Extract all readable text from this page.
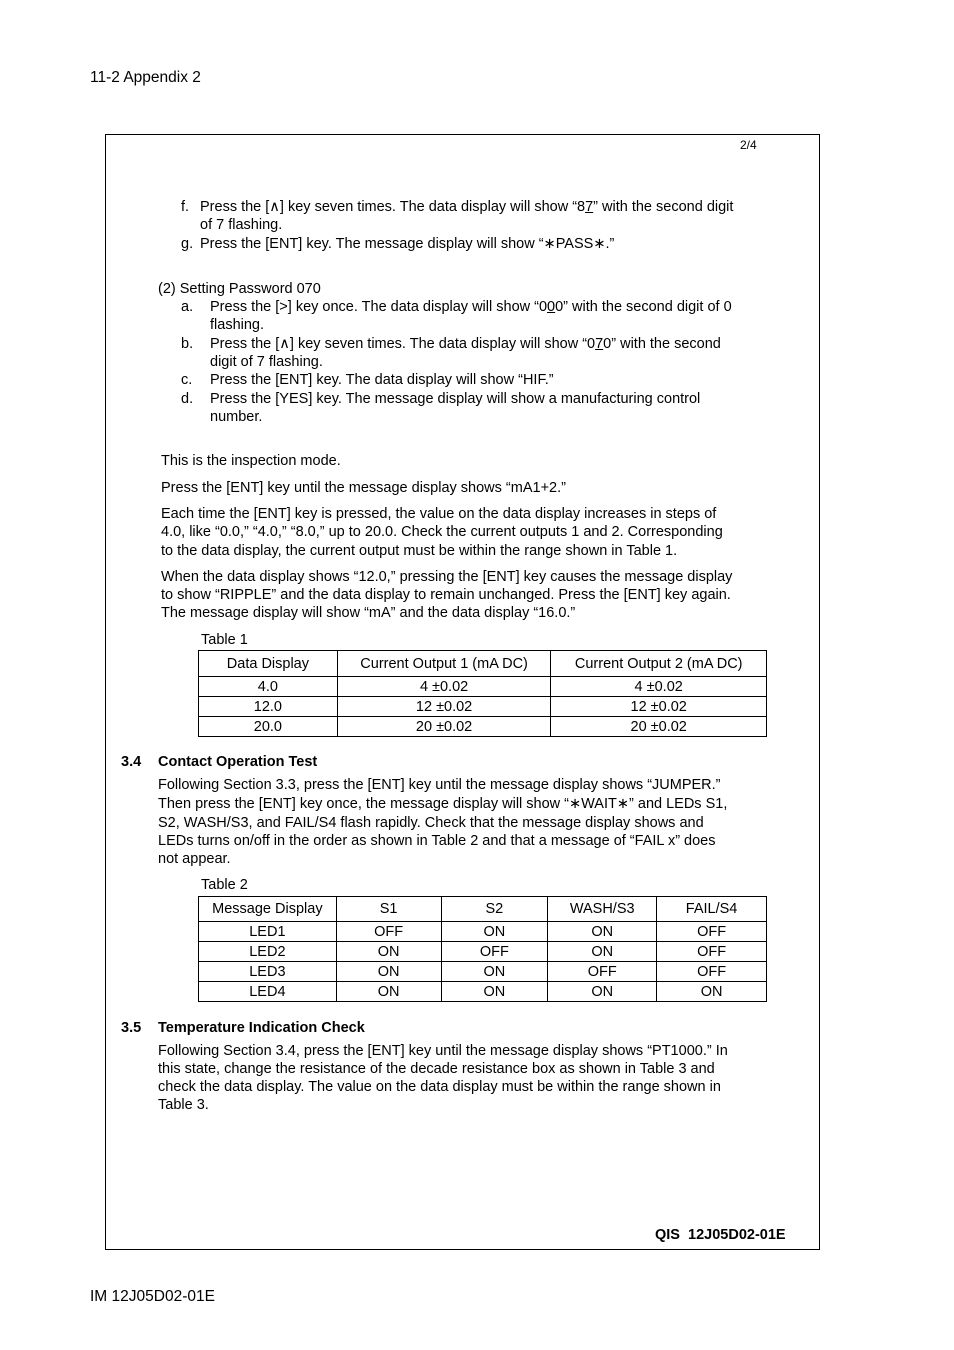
11-2 Appendix 2
2/4
f. Press the [∧] key seven times. The data display will show “87” with the second digit
of 7 flashing.
g. Press the [ENT] key. The message display will show “∗PASS∗.”
(2) Setting Password 070
a. Press the [>] key once. The data display will show “000” with the second digit of 0
flashing.
b. Press the [∧] key seven times. The data display will show “070” with the second
digit of 7 flashing.
c. Press the [ENT] key. The data display will show “HIF.”
d. Press the [YES] key. The message display will show a manufacturing control
number.
This is the inspection mode.
Press the [ENT] key until the message display shows “mA1+2.”
Each time the [ENT] key is pressed, the value on the data display increases in steps of
4.0, like “0.0,” “4.0,” “8.0,” up to 20.0. Check the current outputs 1 and 2. Corresponding
to the data display, the current output must be within the range shown in Table 1.
When the data display shows “12.0,” pressing the [ENT] key causes the message display
to show “RIPPLE” and the data display to remain unchanged. Press the [ENT] key again.
The message display will show “mA” and the data display “16.0.”
Table 1
Data Display	Current Output 1 (mA DC)	Current Output 2 (mA DC)
4.0	4 ±0.02	4 ±0.02
12.0	12 ±0.02	12 ±0.02
20.0	20 ±0.02	20 ±0.02
3.4 Contact Operation Test
Following Section 3.3, press the [ENT] key until the message display shows “JUMPER.”
Then press the [ENT] key once, the message display will show “∗WAIT∗” and LEDs S1,
S2, WASH/S3, and FAIL/S4 flash rapidly. Check that the message display shows and
LEDs turns on/off in the order as shown in Table 2 and that a message of “FAIL x” does
not appear.
Table 2
Message Display	S1	S2	WASH/S3	FAIL/S4
LED1	OFF	ON	ON	OFF
LED2	ON	OFF	ON	OFF
LED3	ON	ON	OFF	OFF
LED4	ON	ON	ON	ON
3.5 Temperature Indication Check
Following Section 3.4, press the [ENT] key until the message display shows “PT1000.” In
this state, change the resistance of the decade resistance box as shown in Table 3 and
check the data display. The value on the data display must be within the range shown in
Table 3.
QIS  12J05D02-01E
IM 12J05D02-01E
